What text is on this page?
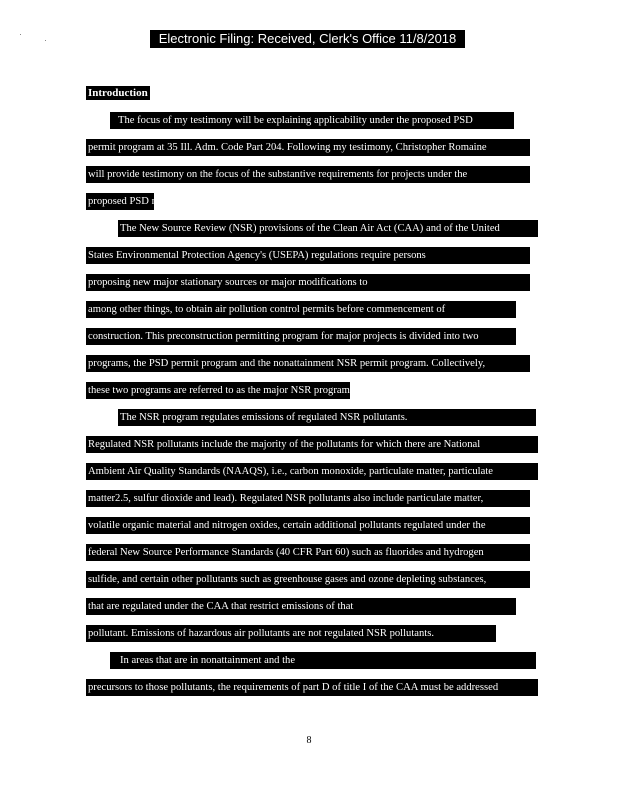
Electronic Filing: Received, Clerk's Office 11/8/2018
Introduction
The focus of my testimony will be explaining applicability under the proposed PSD
permit program at 35 Ill. Adm. Code Part 204. Following my testimony, Christopher Romaine
will provide testimony on the focus of the substantive requirements for projects under the
proposed PSD rule.
The New Source Review (NSR) provisions of the Clean Air Act (CAA) and of the United
States Environmental Protection Agency's (USEPA) regulations require persons
proposing new major stationary sources or major modifications to
among other things, to obtain air pollution control permits before commencement of
construction. This preconstruction permitting program for major projects is divided into two
programs, the PSD permit program and the nonattainment NSR permit program. Collectively,
these two programs are referred to as the major NSR program.
The NSR program regulates emissions of regulated NSR pollutants.
Regulated NSR pollutants include the majority of the pollutants for which there are National
Ambient Air Quality Standards (NAAQS), i.e., carbon monoxide, particulate matter, particulate
matter2.5, sulfur dioxide and lead). Regulated NSR pollutants also include particulate matter,
volatile organic material and nitrogen oxides, certain additional pollutants regulated under the
federal New Source Performance Standards (40 CFR Part 60) such as fluorides and hydrogen
sulfide, and certain other pollutants such as greenhouse gases and ozone depleting substances,
that are regulated under the CAA that restrict emissions of that
pollutant. Emissions of hazardous air pollutants are not regulated NSR pollutants.
In areas that are in nonattainment and the
precursors to those pollutants, the requirements of part D of title I of the CAA must be addressed
8
